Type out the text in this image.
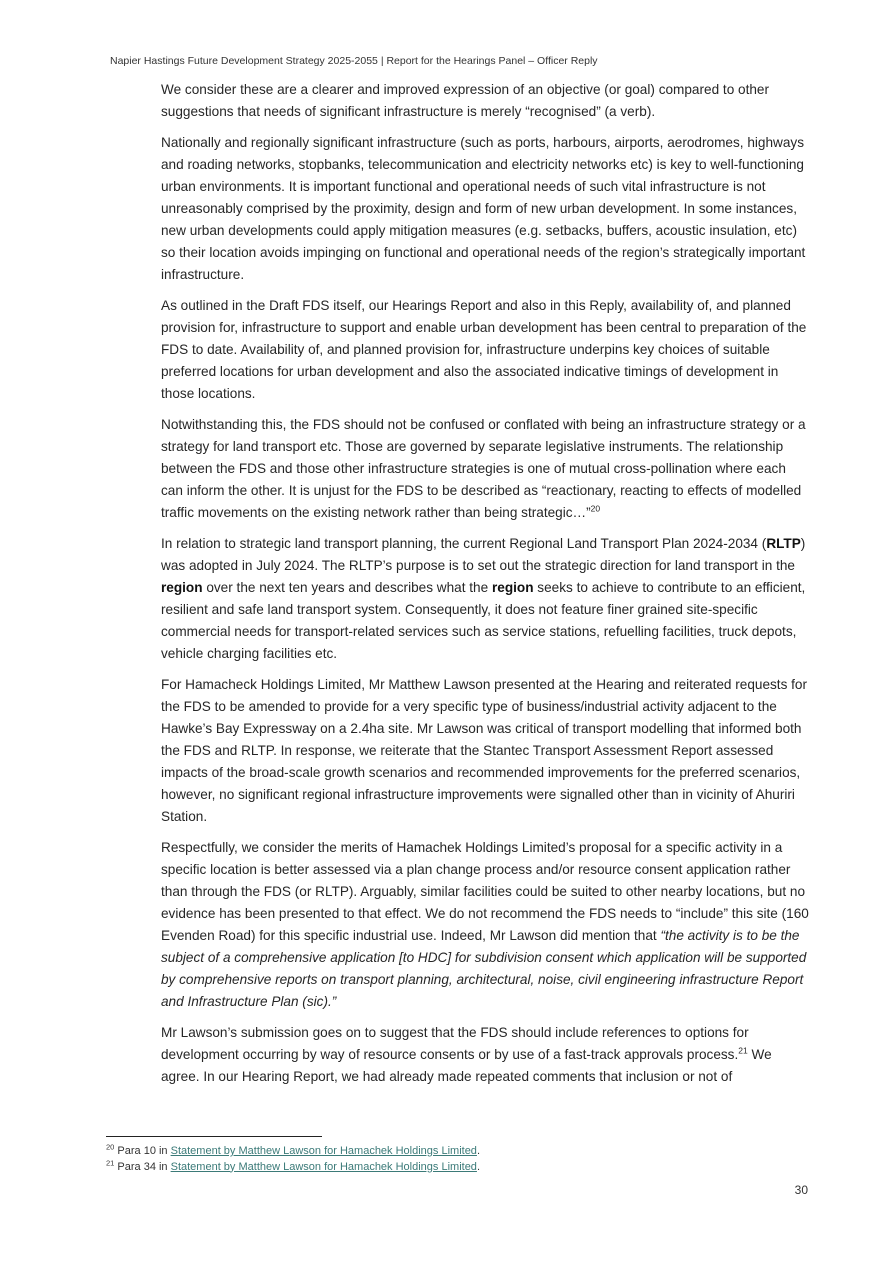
Napier Hastings Future Development Strategy 2025-2055 | Report for the Hearings Panel – Officer Reply

We consider these are a clearer and improved expression of an objective (or goal) compared to other suggestions that needs of significant infrastructure is merely “recognised” (a verb).

Nationally and regionally significant infrastructure (such as ports, harbours, airports, aerodromes, highways and roading networks, stopbanks, telecommunication and electricity networks etc) is key to well-functioning urban environments. It is important functional and operational needs of such vital infrastructure is not unreasonably comprised by the proximity, design and form of new urban development. In some instances, new urban developments could apply mitigation measures (e.g. setbacks, buffers, acoustic insulation, etc) so their location avoids impinging on functional and operational needs of the region’s strategically important infrastructure.

As outlined in the Draft FDS itself, our Hearings Report and also in this Reply, availability of, and planned provision for, infrastructure to support and enable urban development has been central to preparation of the FDS to date. Availability of, and planned provision for, infrastructure underpins key choices of suitable preferred locations for urban development and also the associated indicative timings of development in those locations.

Notwithstanding this, the FDS should not be confused or conflated with being an infrastructure strategy or a strategy for land transport etc. Those are governed by separate legislative instruments. The relationship between the FDS and those other infrastructure strategies is one of mutual cross-pollination where each can inform the other. It is unjust for the FDS to be described as “reactionary, reacting to effects of modelled traffic movements on the existing network rather than being strategic…”$^{20}$

In relation to strategic land transport planning, the current Regional Land Transport Plan 2024-2034 (RLTP) was adopted in July 2024. The RLTP’s purpose is to set out the strategic direction for land transport in the region over the next ten years and describes what the region seeks to achieve to contribute to an efficient, resilient and safe land transport system. Consequently, it does not feature finer grained site-specific commercial needs for transport-related services such as service stations, refuelling facilities, truck depots, vehicle charging facilities etc.

For Hamacheck Holdings Limited, Mr Matthew Lawson presented at the Hearing and reiterated requests for the FDS to be amended to provide for a very specific type of business/industrial activity adjacent to the Hawke’s Bay Expressway on a 2.4ha site. Mr Lawson was critical of transport modelling that informed both the FDS and RLTP. In response, we reiterate that the Stantec Transport Assessment Report assessed impacts of the broad-scale growth scenarios and recommended improvements for the preferred scenarios, however, no significant regional infrastructure improvements were signalled other than in vicinity of Ahuriri Station.

Respectfully, we consider the merits of Hamachek Holdings Limited’s proposal for a specific activity in a specific location is better assessed via a plan change process and/or resource consent application rather than through the FDS (or RLTP). Arguably, similar facilities could be suited to other nearby locations, but no evidence has been presented to that effect. We do not recommend the FDS needs to “include” this site (160 Evenden Road) for this specific industrial use. Indeed, Mr Lawson did mention that “the activity is to be the subject of a comprehensive application [to HDC] for subdivision consent which application will be supported by comprehensive reports on transport planning, architectural, noise, civil engineering infrastructure Report and Infrastructure Plan (sic).”

Mr Lawson’s submission goes on to suggest that the FDS should include references to options for development occurring by way of resource consents or by use of a fast-track approvals process.$^{21}$ We agree. In our Hearing Report, we had already made repeated comments that inclusion or not of

$^{20}$ Para 10 in Statement by Matthew Lawson for Hamachek Holdings Limited.
$^{21}$ Para 34 in Statement by Matthew Lawson for Hamachek Holdings Limited.
30
